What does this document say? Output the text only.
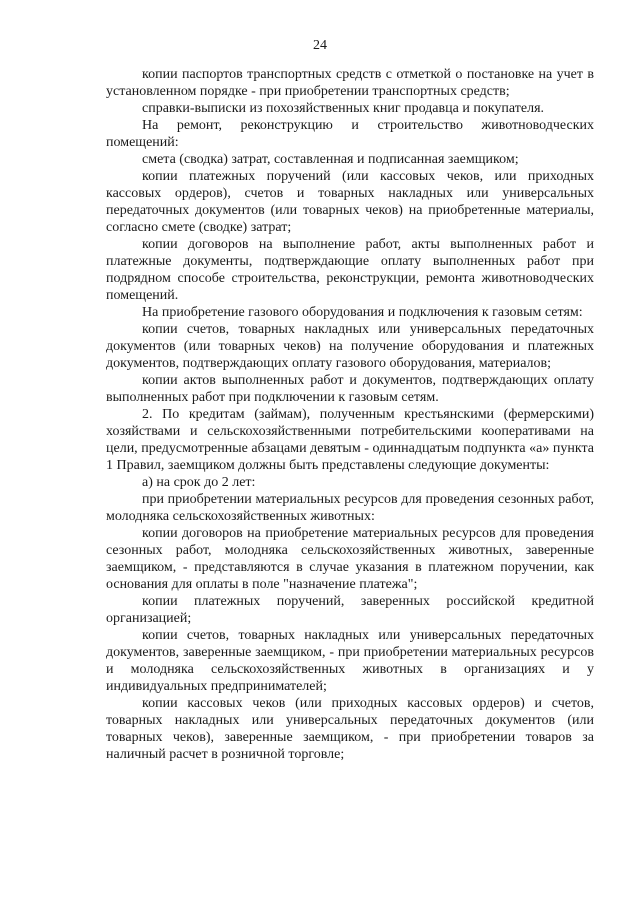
24

копии паспортов транспортных средств с отметкой о постановке на учет в установленном порядке - при приобретении транспортных средств;

справки-выписки из похозяйственных книг продавца и покупателя.

На ремонт, реконструкцию и строительство животноводческих помещений:

смета (сводка) затрат, составленная и подписанная заемщиком;

копии платежных поручений (или кассовых чеков, или приходных кассовых ордеров), счетов и товарных накладных или универсальных передаточных документов (или товарных чеков) на приобретенные материалы, согласно смете (сводке) затрат;

копии договоров на выполнение работ, акты выполненных работ и платежные документы, подтверждающие оплату выполненных работ при подрядном способе строительства, реконструкции, ремонта животноводческих помещений.

На приобретение газового оборудования и подключения к газовым сетям:

копии счетов, товарных накладных или универсальных передаточных документов (или товарных чеков) на получение оборудования и платежных документов, подтверждающих оплату газового оборудования, материалов;

копии актов выполненных работ и документов, подтверждающих оплату выполненных работ при подключении к газовым сетям.

2. По кредитам (займам), полученным крестьянскими (фермерскими) хозяйствами и сельскохозяйственными потребительскими кооперативами на цели, предусмотренные абзацами девятым - одиннадцатым подпункта «а» пункта 1 Правил, заемщиком должны быть представлены следующие документы:

а) на срок до 2 лет:

при приобретении материальных ресурсов для проведения сезонных работ, молодняка сельскохозяйственных животных:

копии договоров на приобретение материальных ресурсов для проведения сезонных работ, молодняка сельскохозяйственных животных, заверенные заемщиком, - представляются в случае указания в платежном поручении, как основания для оплаты в поле "назначение платежа";

копии платежных поручений, заверенных российской кредитной организацией;

копии счетов, товарных накладных или универсальных передаточных документов, заверенные заемщиком, - при приобретении материальных ресурсов и молодняка сельскохозяйственных животных в организациях и у индивидуальных предпринимателей;

копии кассовых чеков (или приходных кассовых ордеров) и счетов, товарных накладных или универсальных передаточных документов (или товарных чеков), заверенные заемщиком, - при приобретении товаров за наличный расчет в розничной торговле;
